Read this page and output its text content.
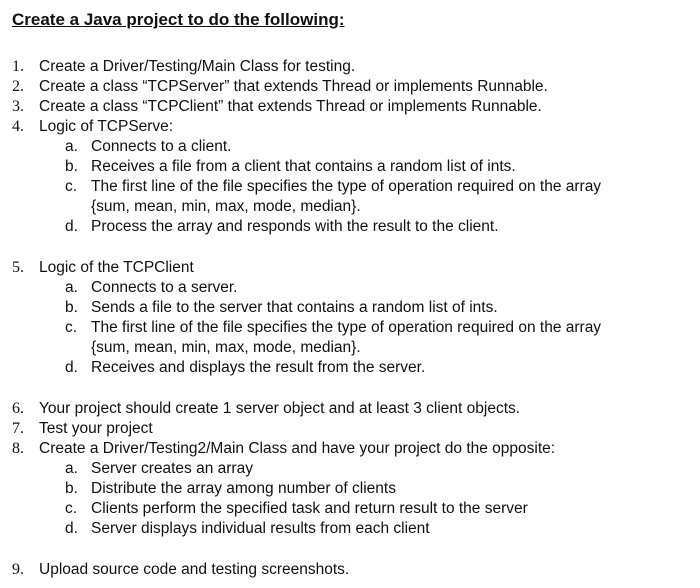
Create a Java project to do the following:
1. Create a Driver/Testing/Main Class for testing.
2. Create a class “TCPServer” that extends Thread or implements Runnable.
3. Create a class “TCPClient” that extends Thread or implements Runnable.
4. Logic of TCPServe:
a. Connects to a client.
b. Receives a file from a client that contains a random list of ints.
c. The first line of the file specifies the type of operation required on the array
{sum, mean, min, max, mode, median}.
d. Process the array and responds with the result to the client.
5. Logic of the TCPClient
a. Connects to a server.
b. Sends a file to the server that contains a random list of ints.
c. The first line of the file specifies the type of operation required on the array
{sum, mean, min, max, mode, median}.
d. Receives and displays the result from the server.
6. Your project should create 1 server object and at least 3 client objects.
7. Test your project
8. Create a Driver/Testing2/Main Class and have your project do the opposite:
a. Server creates an array
b. Distribute the array among number of clients
c. Clients perform the specified task and return result to the server
d. Server displays individual results from each client
9. Upload source code and testing screenshots.
